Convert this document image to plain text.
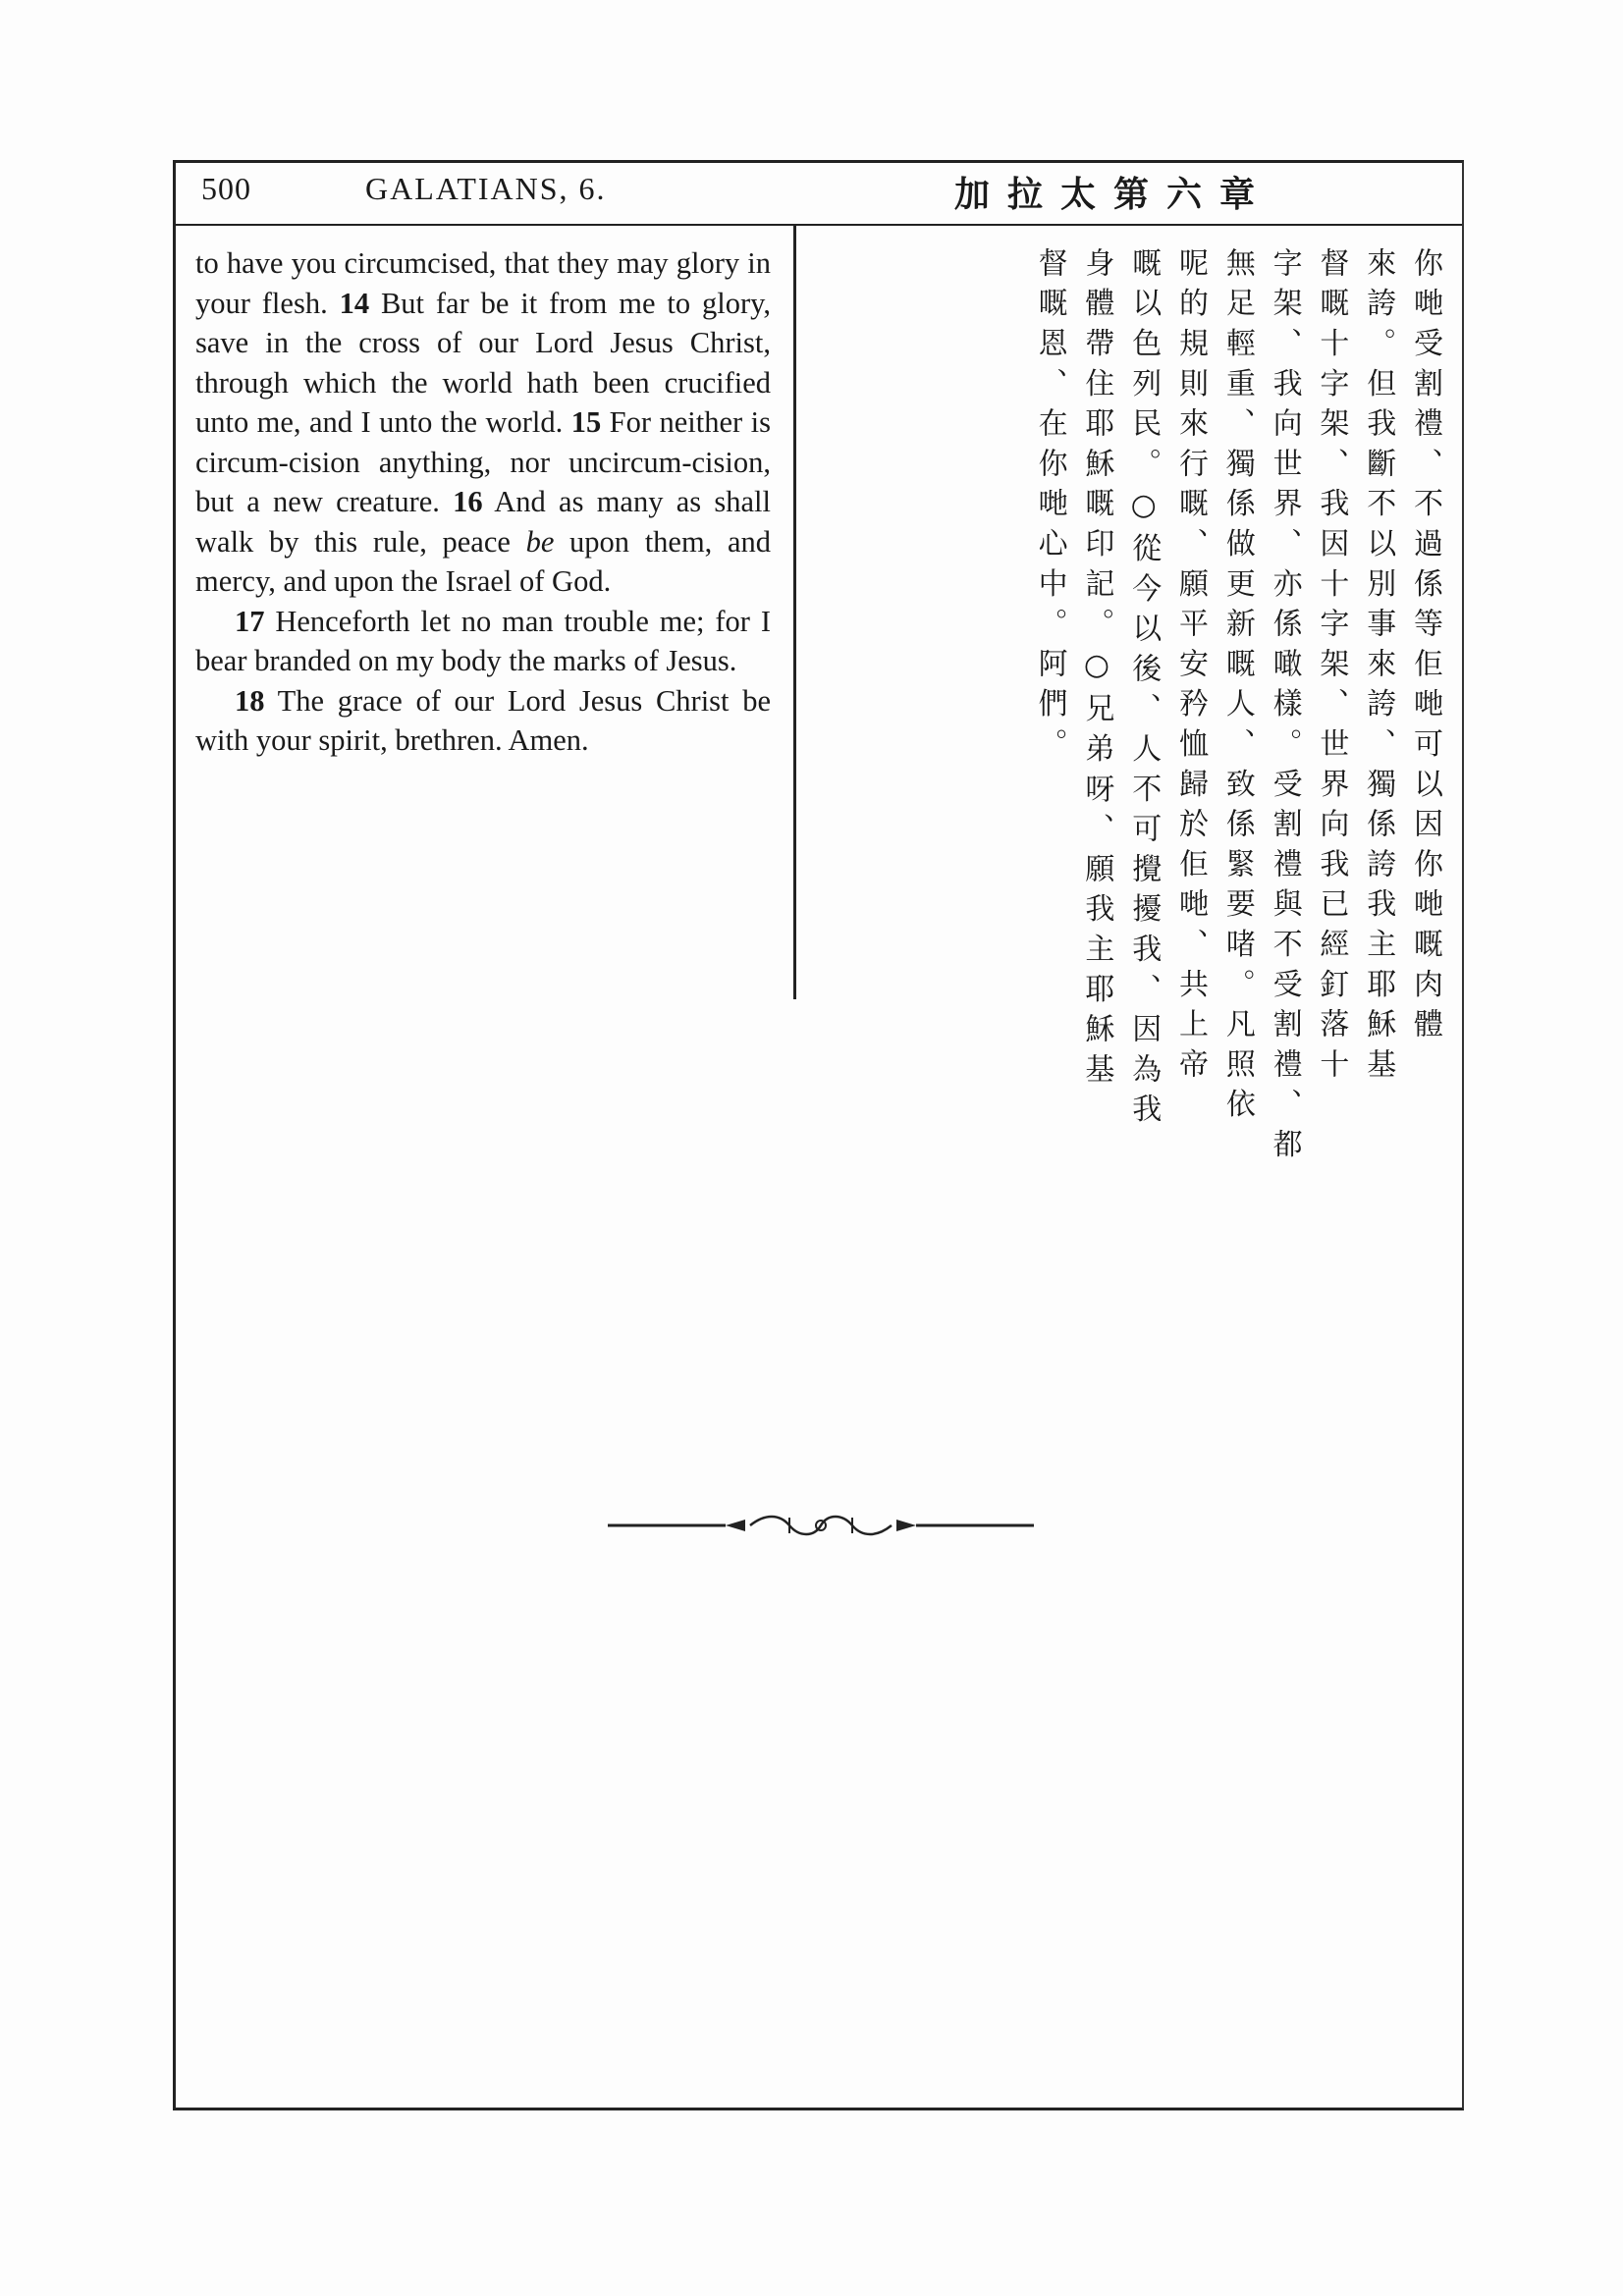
500	GALATIANS, 6.	加拉太第六章

to have you circumcised, that they may glory in your flesh. 14 But far be it from me to glory, save in the cross of our Lord Jesus Christ, through which the world hath been crucified unto me, and I unto the world. 15 For neither is circum-cision anything, nor uncircum-cision, but a new creature. 16 And as many as shall walk by this rule, peace be upon them, and mercy, and upon the Israel of God.

17 Henceforth let no man trouble me; for I bear branded on my body the marks of Jesus.

18 The grace of our Lord Jesus Christ be with your spirit, brethren. Amen.	你哋受割禮、不過係等佢哋可以因你哋嘅肉體
來誇。但我斷不以別事來誇、獨係誇我主耶穌基
督嘅十字架、我因十字架、世界向我已經釘落十
字架、我向世界、亦係噉樣。受割禮與不受割禮、都
無足輕重、獨係做更新嘅人、致係緊要啫。凡照依
呢的規則來行嘅、願平安矜恤歸於佢哋、共上帝
嘅以色列民。○從今以後、人不可攪擾我、因為我
身體帶住耶穌嘅印記。○兄弟呀、願我主耶穌基
督嘅恩、在你哋心中。阿們。
